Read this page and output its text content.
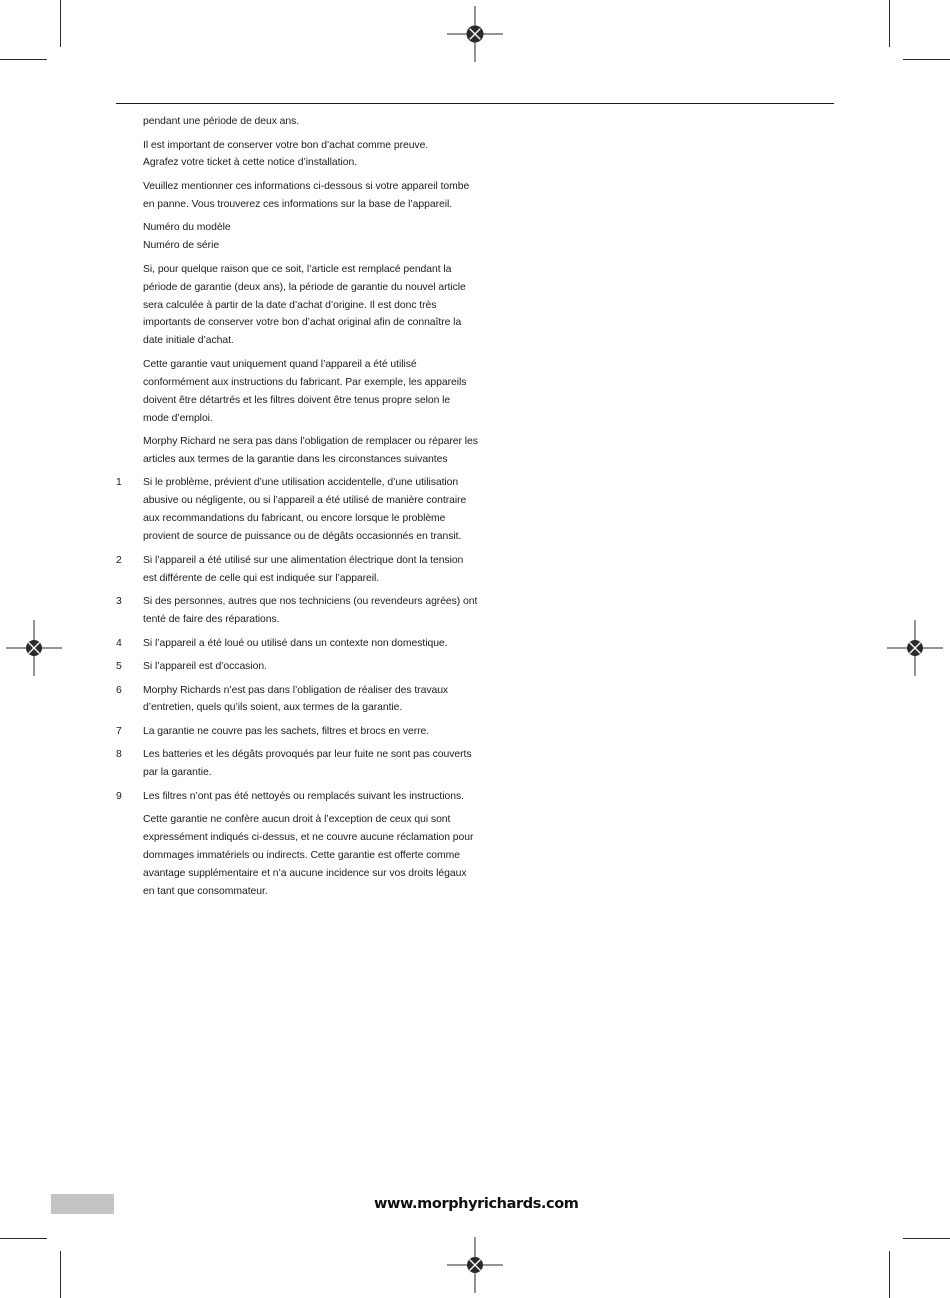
pendant une période de deux ans.

Il est important de conserver votre bon d’achat comme preuve.
Agrafez votre ticket à cette notice d’installation.

Veuillez mentionner ces informations ci-dessous si votre appareil tombe en panne. Vous trouverez ces informations sur la base de l’appareil.

Numéro du modèle
Numéro de série

Si, pour quelque raison que ce soit, l’article est remplacé pendant la période de garantie (deux ans), la période de garantie du nouvel article sera calculée à partir de la date d’achat d’origine. Il est donc très importants de conserver votre bon d’achat original afin de connaître la date initiale d’achat.

Cette garantie vaut uniquement quand l’appareil a été utilisé conformément aux instructions du fabricant. Par exemple, les appareils doivent être détartrés et les filtres doivent être tenus propre selon le mode d’emploi.

Morphy Richard ne sera pas dans l’obligation de remplacer ou réparer les articles aux termes de la garantie dans les circonstances suivantes

1	Si le problème, prévient d’une utilisation accidentelle, d’une utilisation abusive ou négligente, ou si l’appareil a été utilisé de manière contraire aux recommandations du fabricant, ou encore lorsque le problème provient de source de puissance ou de dégâts occasionnés en transit.
2	Si l’appareil a été utilisé sur une alimentation électrique dont la tension est différente de celle qui est indiquée sur l’appareil.
3	Si des personnes, autres que nos techniciens (ou revendeurs agrées) ont tenté de faire des réparations.
4	Si l’appareil a été loué ou utilisé dans un contexte non domestique.
5	Si l’appareil est d’occasion.
6	Morphy Richards n’est pas dans l’obligation de réaliser des travaux d’entretien, quels qu’ils soient, aux termes de la garantie.
7	La garantie ne couvre pas les sachets, filtres et brocs en verre.
8	Les batteries et les dégâts provoqués par leur fuite ne sont pas couverts par la garantie.
9	Les filtres n’ont pas été nettoyés ou remplacés suivant les instructions.

Cette garantie ne confère aucun droit à l’exception de ceux qui sont expressément indiqués ci-dessus, et ne couvre aucune réclamation pour dommages immatériels ou indirects. Cette garantie est offerte comme avantage supplémentaire et n’a aucune incidence sur vos droits légaux en tant que consommateur.

www.morphyrichards.com
